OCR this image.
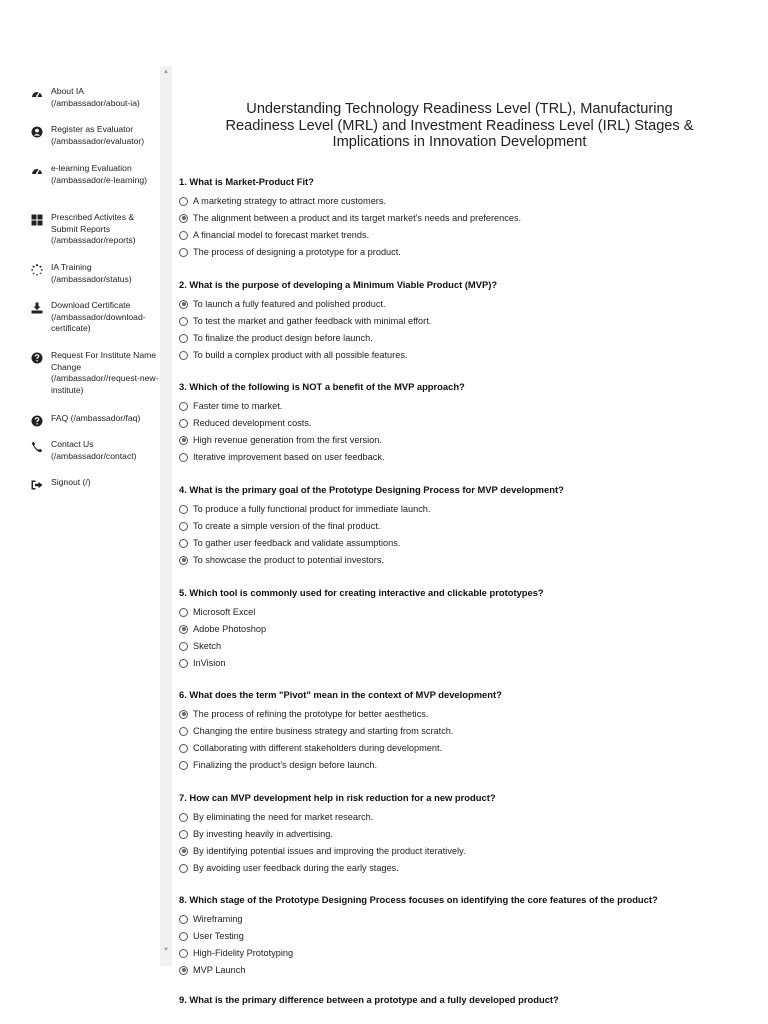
About IA (/ambassador/about-ia)
Register as Evaluator (/ambassador/evaluator)
e-learning Evaluation (/ambassador/e-learning)
Prescribed Activites & Submit Reports (/ambassador/reports)
IA Training (/ambassador/status)
Download Certificate (/ambassador/download-certificate)
Request For Institute Name Change (/ambassador//request-new-institute)
FAQ (/ambassador/faq)
Contact Us (/ambassador/contact)
Signout (/)
▲
▼
Understanding Technology Readiness Level (TRL), Manufacturing Readiness Level (MRL) and Investment Readiness Level (IRL) Stages & Implications in Innovation Development
1. What is Market-Product Fit?
A marketing strategy to attract more customers.
The alignment between a product and its target market's needs and preferences.
A financial model to forecast market trends.
The process of designing a prototype for a product.
2. What is the purpose of developing a Minimum Viable Product (MVP)?
To launch a fully featured and polished product.
To test the market and gather feedback with minimal effort.
To finalize the product design before launch.
To build a complex product with all possible features.
3. Which of the following is NOT a benefit of the MVP approach?
Faster time to market.
Reduced development costs.
High revenue generation from the first version.
Iterative improvement based on user feedback.
4. What is the primary goal of the Prototype Designing Process for MVP development?
To produce a fully functional product for immediate launch.
To create a simple version of the final product.
To gather user feedback and validate assumptions.
To showcase the product to potential investors.
5. Which tool is commonly used for creating interactive and clickable prototypes?
Microsoft Excel
Adobe Photoshop
Sketch
InVision
6. What does the term "Pivot" mean in the context of MVP development?
The process of refining the prototype for better aesthetics.
Changing the entire business strategy and starting from scratch.
Collaborating with different stakeholders during development.
Finalizing the product's design before launch.
7. How can MVP development help in risk reduction for a new product?
By eliminating the need for market research.
By investing heavily in advertising.
By identifying potential issues and improving the product iteratively.
By avoiding user feedback during the early stages.
8. Which stage of the Prototype Designing Process focuses on identifying the core features of the product?
Wireframing
User Testing
High-Fidelity Prototyping
MVP Launch
9. What is the primary difference between a prototype and a fully developed product?
